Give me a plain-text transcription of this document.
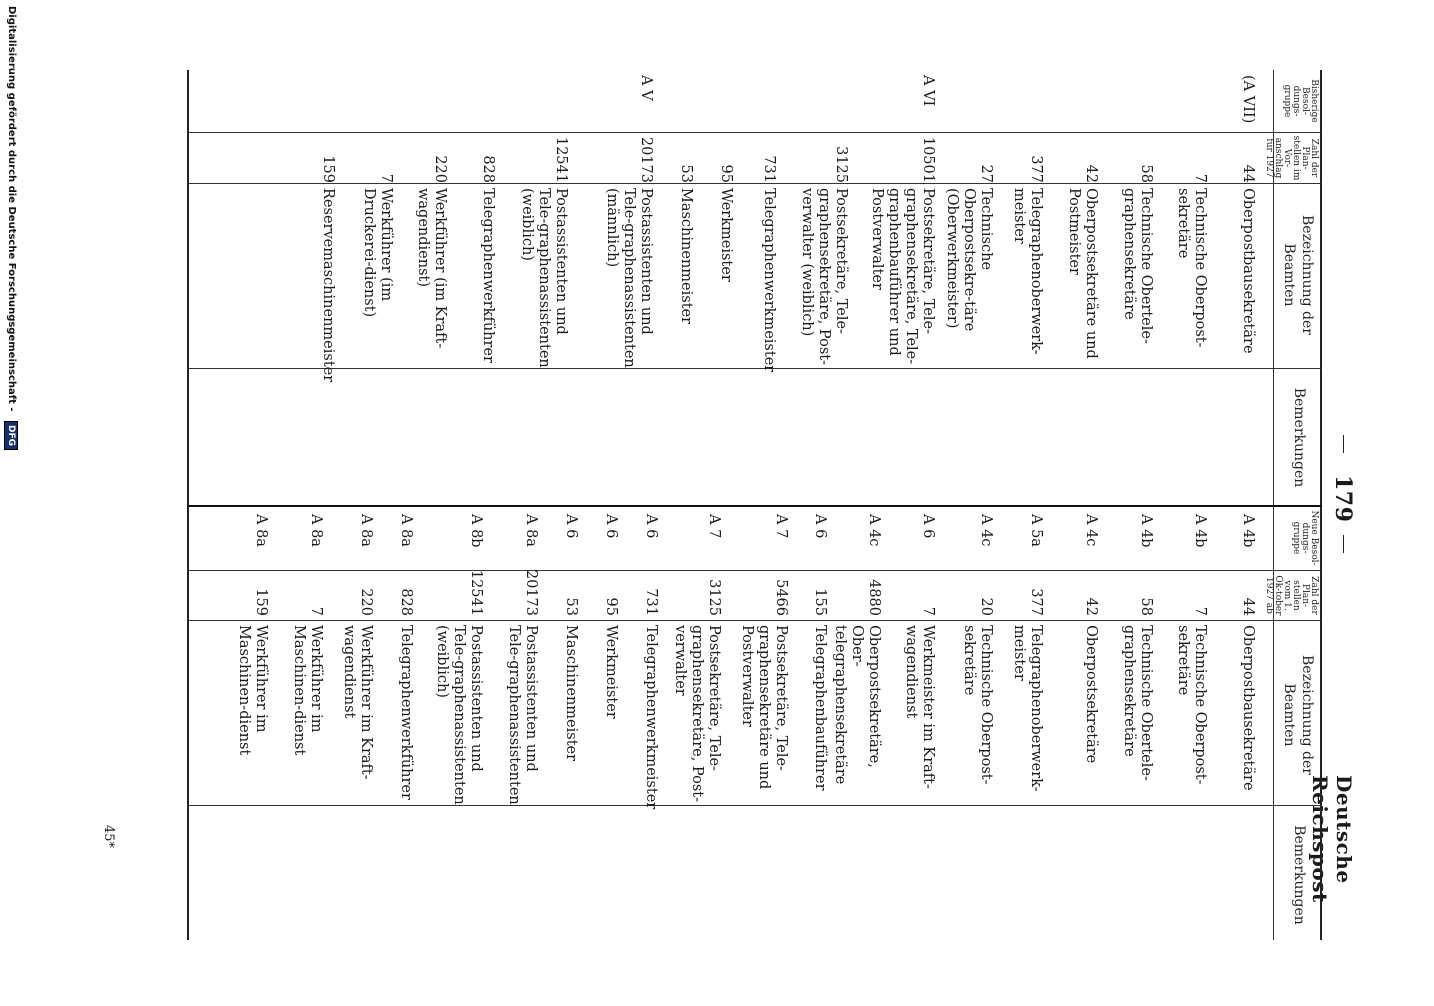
179
Deutsche Reichspost
Bisherige Besol-dungs-gruppe
Zahl der Plan-stellen im Vor-anschlag für 1927
Bezeichnung der Beamten
Bemerkungen
Neue Besol-dungs-gruppe
Zahl der Plan-stellen vom 1. Ok-tober 1927 ab
Bezeichnung der Beamten
Bemerkungen
(A VII)
44
Oberpostbausekretäre
7
Technische Oberpost-sekretäre
58
Technische Obertele-graphensekretäre
42
Oberpostsekretäre und Postmeister
377
Telegraphenoberwerk-meister
27
Technische Oberpostsekre-täre (Oberwerkmeister)
A VI
10501
Postsekretäre, Tele-graphensekretäre, Tele-graphenbauführer und Postverwalter
3125
Postsekretäre, Tele-graphensekretäre, Post-verwalter (weiblich)
731
Telegraphenwerkmeister
95
Werkmeister
53
Maschinenmeister
A V
20173
Postassistenten und Tele-graphenassistenten (männlich)
12541
Postassistenten und Tele-graphenassistenten (weiblich)
828
Telegraphenwerkführer
220
Werkführer (im Kraft-wagendienst)
7
Werkführer (im Druckerei-dienst)
159
Reservemaschinenmeister
A 4b
44
Oberpostbausekretäre
A 4b
7
Technische Oberpost-sekretäre
A 4b
58
Technische Obertele-graphensekretäre
A 4c
42
Oberpostsekretäre
A 5a
377
Telegraphenoberwerk-meister
A 4c
20
Technische Oberpost-sekretäre
A 6
7
Werkmeister im Kraft-wagendienst
A 4c
4880
Oberpostsekretäre, Ober-telegraphensekretäre
A 6
155
Telegraphenbauführer
A 7
5466
Postsekretäre, Tele-graphensekretäre und Postverwalter
A 7
3125
Postsekretäre, Tele-graphensekretäre, Post-verwalter
A 6
731
Telegraphenwerkmeister
A 6
95
Werkmeister
A 6
53
Maschinenmeister
A 8a
20173
Postassistenten und Tele-graphenassistenten
A 8b
12541
Postassistenten und Tele-graphenassistenten (weiblich)
A 8a
828
Telegraphenwerkführer
A 8a
220
Werkführer im Kraft-wagendienst
A 8a
7
Werkführer im Maschinen-dienst
A 8a
159
Werkführer im Maschinen-dienst
45*
Digitalisierung gefördert durch die Deutsche Forschungsgemeinschaft - DFG
